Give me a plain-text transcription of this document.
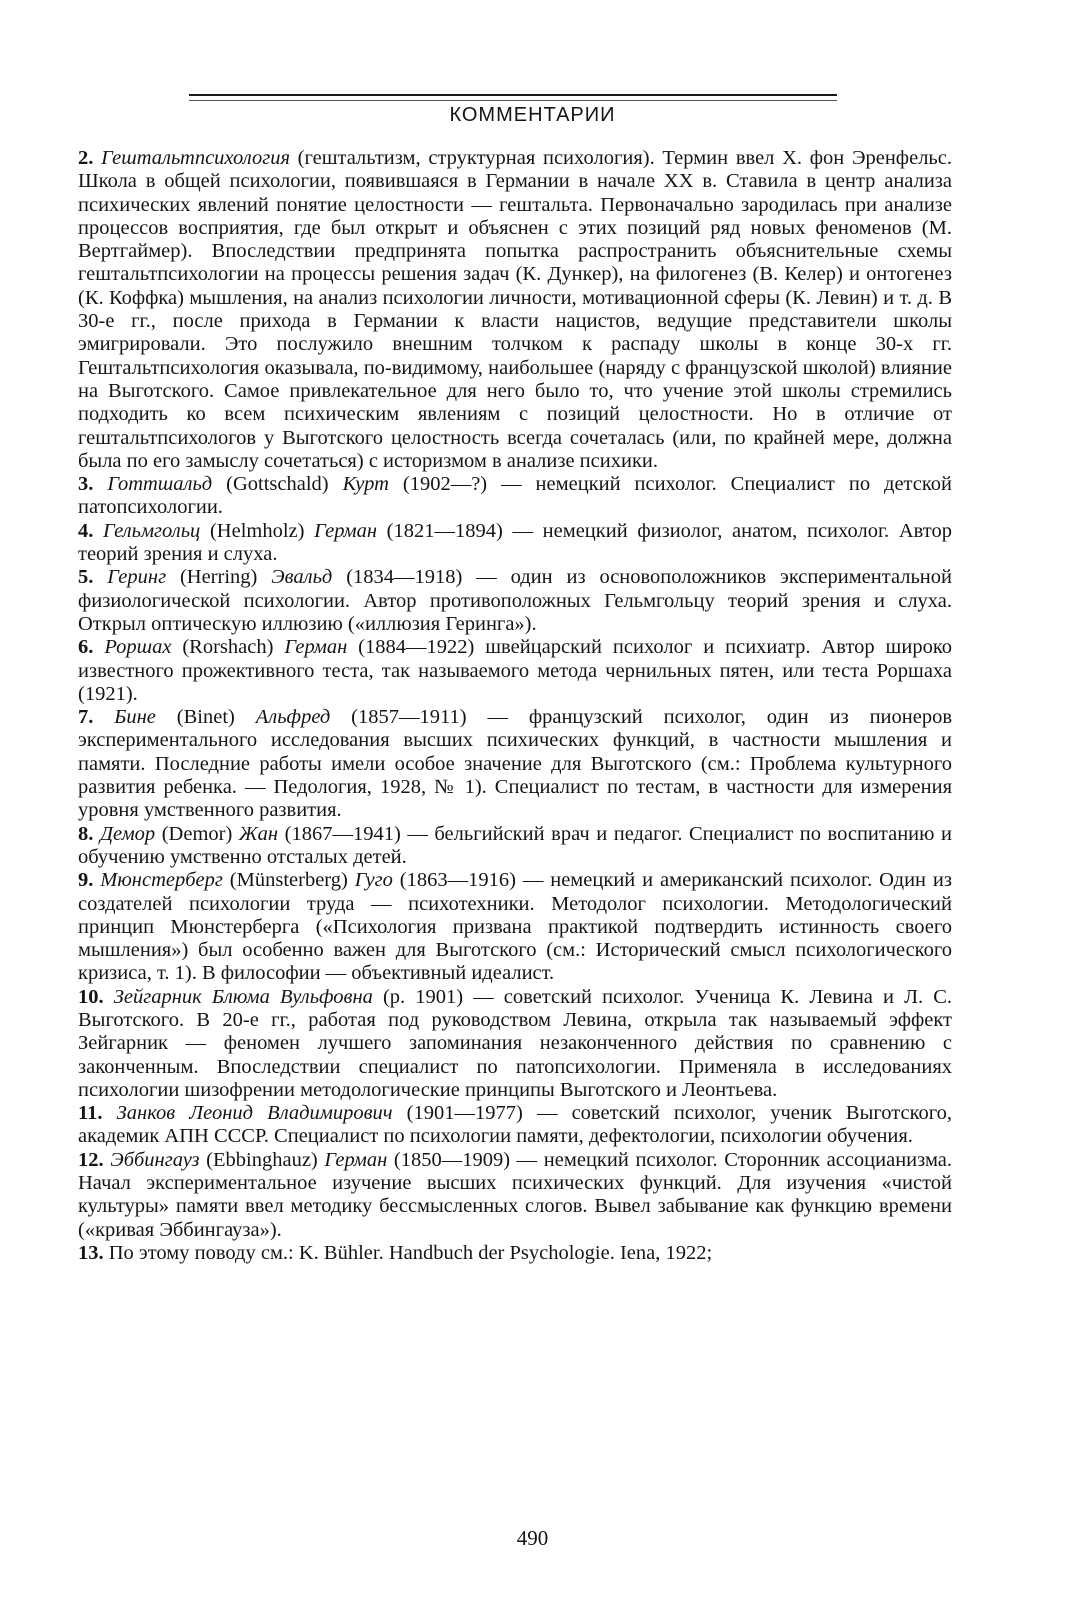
КОММЕНТАРИИ

2. Гештальтпсихология (гештальтизм, структурная психология). Термин ввел Х. фон Эренфельс. Школа в общей психологии, появившаяся в Германии в начале XX в. Ставила в центр анализа психических явлений понятие целостности — гештальта. Первоначально зародилась при анализе процессов восприятия, где был открыт и объяснен с этих позиций ряд новых феноменов (М. Вертгаймер). Впоследствии предпринята попытка распространить объяснительные схемы гештальтпсихологии на процессы решения задач (К. Дункер), на филогенез (В. Келер) и онтогенез (К. Коффка) мышления, на анализ психологии личности, мотивационной сферы (К. Левин) и т. д. В 30-е гг., после прихода в Германии к власти нацистов, ведущие представители школы эмигрировали. Это послужило внешним толчком к распаду школы в конце 30-х гг. Гештальтпсихология оказывала, по-видимому, наибольшее (наряду с французской школой) влияние на Выготского. Самое привлекательное для него было то, что учение этой школы стремились подходить ко всем психическим явлениям с позиций целостности. Но в отличие от гештальтпсихологов у Выготского целостность всегда сочеталась (или, по крайней мере, должна была по его замыслу сочетаться) с историзмом в анализе психики.

3. Готтшальд (Gottschald) Курт (1902—?) — немецкий психолог. Специалист по детской патопсихологии.

4. Гельмгольц (Helmholz) Герман (1821—1894) — немецкий физиолог, анатом, психолог. Автор теорий зрения и слуха.

5. Геринг (Herring) Эвальд (1834—1918) — один из основоположников экспериментальной физиологической психологии. Автор противоположных Гельмгольцу теорий зрения и слуха. Открыл оптическую иллюзию («иллюзия Геринга»).

6. Роршах (Rorshach) Герман (1884—1922) швейцарский психолог и психиатр. Автор широко известного прожективного теста, так называемого метода чернильных пятен, или теста Роршаха (1921).

7. Бине (Binet) Альфред (1857—1911) — французский психолог, один из пионеров экспериментального исследования высших психических функций, в частности мышления и памяти. Последние работы имели особое значение для Выготского (см.: Проблема культурного развития ребенка. — Педология, 1928, № 1). Специалист по тестам, в частности для измерения уровня умственного развития.

8. Демор (Demor) Жан (1867—1941) — бельгийский врач и педагог. Специалист по воспитанию и обучению умственно отсталых детей.

9. Мюнстерберг (Münsterberg) Гуго (1863—1916) — немецкий и американский психолог. Один из создателей психологии труда — психотехники. Методолог психологии. Методологический принцип Мюнстерберга («Психология призвана практикой подтвердить истинность своего мышления») был особенно важен для Выготского (см.: Исторический смысл психологического кризиса, т. 1). В философии — объективный идеалист.

10. Зейгарник Блюма Вульфовна (р. 1901) — советский психолог. Ученица К. Левина и Л. С. Выготского. В 20-е гг., работая под руководством Левина, открыла так называемый эффект Зейгарник — феномен лучшего запоминания незаконченного действия по сравнению с законченным. Впоследствии специалист по патопсихологии. Применяла в исследованиях психологии шизофрении методологические принципы Выготского и Леонтьева.

11. Занков Леонид Владимирович (1901—1977) — советский психолог, ученик Выготского, академик АПН СССР. Специалист по психологии памяти, дефектологии, психологии обучения.

12. Эббингауз (Ebbinghauz) Герман (1850—1909) — немецкий психолог. Сторонник ассоцианизма. Начал экспериментальное изучение высших психических функций. Для изучения «чистой культуры» памяти ввел методику бессмысленных слогов. Вывел забывание как функцию времени («кривая Эббингауза»).

13. По этому поводу см.: K. Bühler. Handbuch der Psychologie. Iena, 1922;

490
